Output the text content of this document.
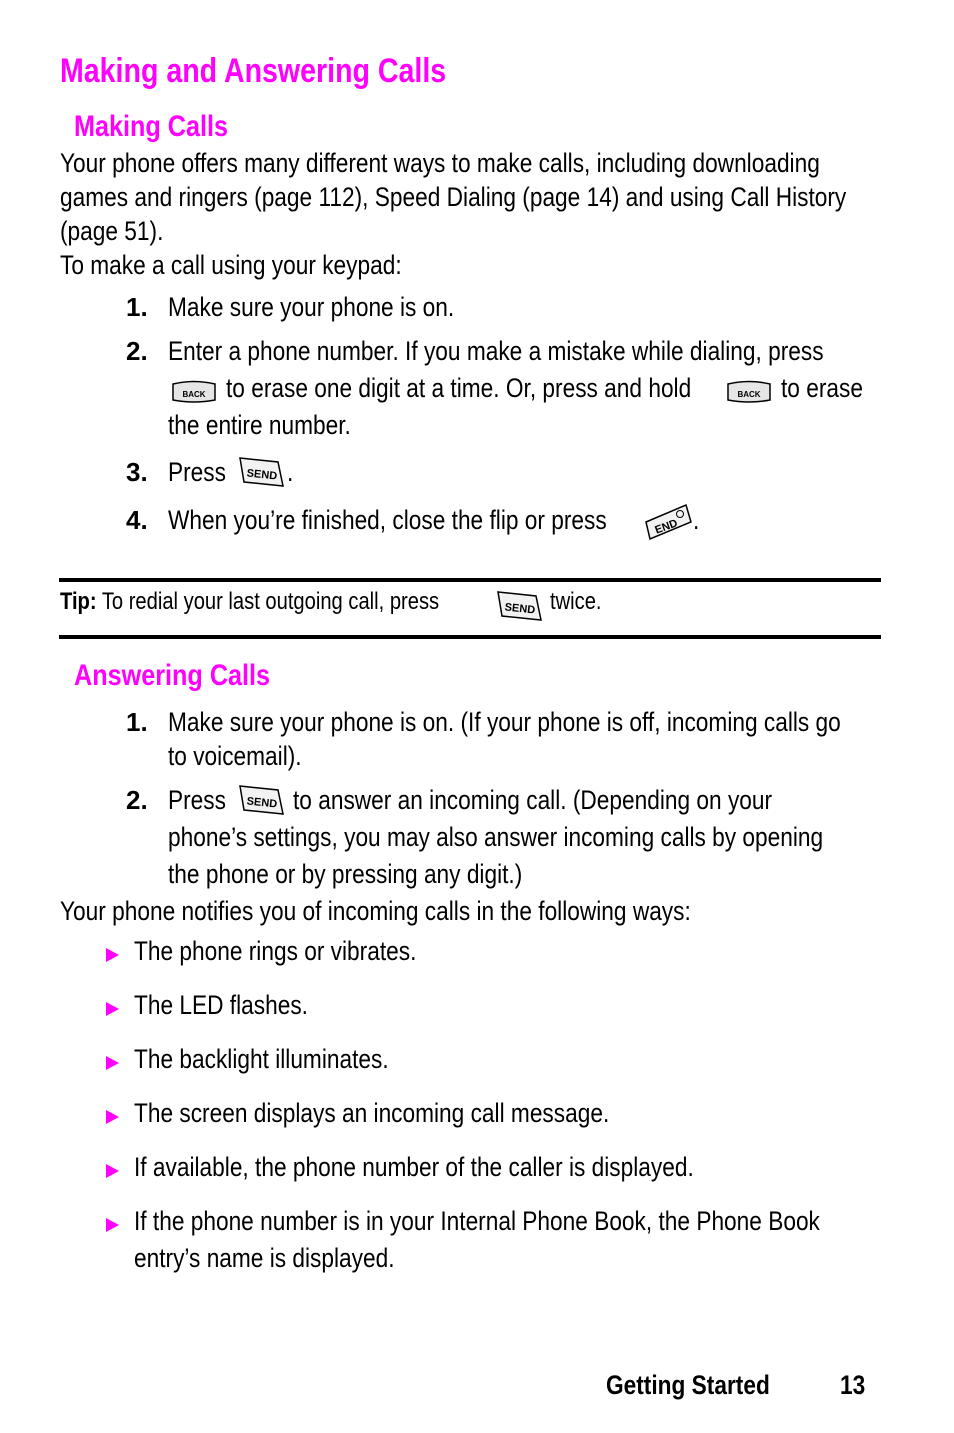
Making and Answering Calls
Making Calls
Your phone offers many different ways to make calls, including downloading
games and ringers (page 112), Speed Dialing (page 14) and using Call History
(page 51).
To make a call using your keypad:
1. Make sure your phone is on.
2. Enter a phone number. If you make a mistake while dialing, press
BACK to erase one digit at a time. Or, press and hold	BACK to erase
the entire number.
3. Press	SEND .
4. When you’re finished, close the flip or press	END .
Tip: To redial your last outgoing call, press	SEND twice.
Answering Calls
1. Make sure your phone is on. (If your phone is off, incoming calls go
to voicemail).
2. Press	SEND to answer an incoming call. (Depending on your
phone’s settings, you may also answer incoming calls by opening
the phone or by pressing any digit.)
Your phone notifies you of incoming calls in the following ways:
The phone rings or vibrates.
The LED flashes.
The backlight illuminates.
The screen displays an incoming call message.
If available, the phone number of the caller is displayed.
If the phone number is in your Internal Phone Book, the Phone Book
entry’s name is displayed.
Getting Started	13
